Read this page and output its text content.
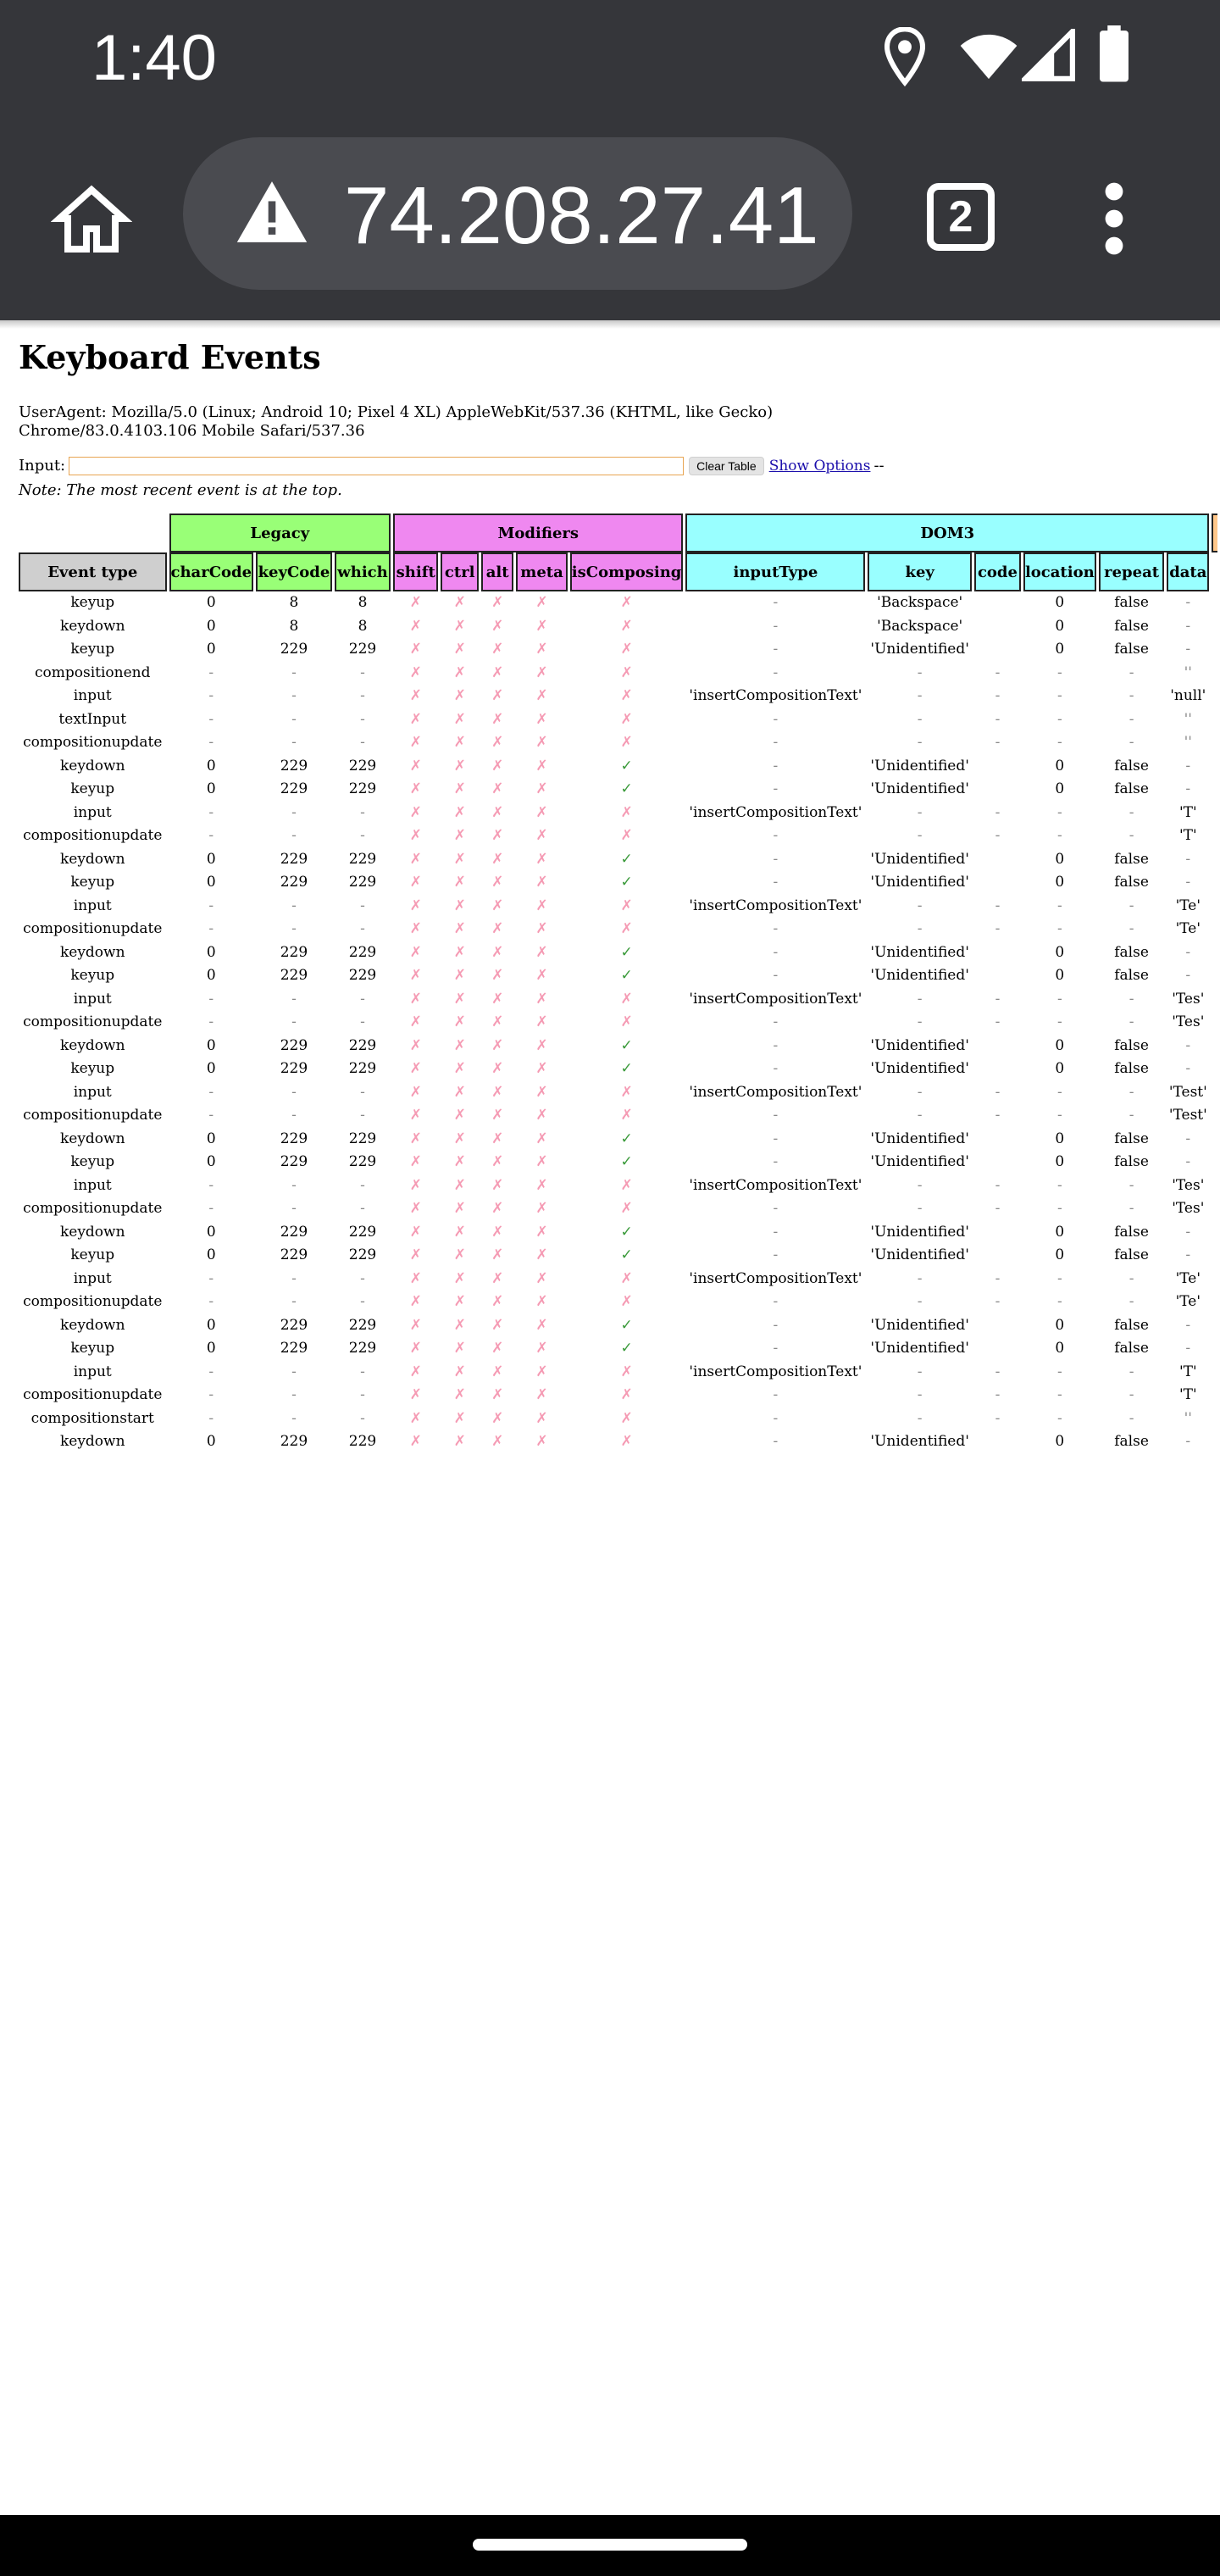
1:40
74.208.27.41	2
Keyboard Events
UserAgent: Mozilla/5.0 (Linux; Android 10; Pixel 4 XL) AppleWebKit/537.36 (KHTML, like Gecko) Chrome/83.0.4103.106 Mobile Safari/537.36
Input:	Clear Table Show Options --
Note: The most recent event is at the top.
	Legacy			Modifiers					DOM3						
Event type	charCode	keyCode	which	shift	ctrl	alt	meta	isComposing	inputType	key	code	location	repeat	data	
keyup	0	8	8	✗	✗	✗	✗	✗	-	'Backspace'		0	false	-	
keydown	0	8	8	✗	✗	✗	✗	✗	-	'Backspace'		0	false	-	
keyup	0	229	229	✗	✗	✗	✗	✗	-	'Unidentified'		0	false	-	
compositionend	-	-	-	✗	✗	✗	✗	✗	-	-	-	-	-	''	
input	-	-	-	✗	✗	✗	✗	✗	'insertCompositionText'	-	-	-	-	'null'	
textInput	-	-	-	✗	✗	✗	✗	✗	-	-	-	-	-	''	
compositionupdate	-	-	-	✗	✗	✗	✗	✗	-	-	-	-	-	''	
keydown	0	229	229	✗	✗	✗	✗	✓	-	'Unidentified'		0	false	-	
keyup	0	229	229	✗	✗	✗	✗	✓	-	'Unidentified'		0	false	-	
input	-	-	-	✗	✗	✗	✗	✗	'insertCompositionText'	-	-	-	-	'T'	
compositionupdate	-	-	-	✗	✗	✗	✗	✗	-	-	-	-	-	'T'	
keydown	0	229	229	✗	✗	✗	✗	✓	-	'Unidentified'		0	false	-	
keyup	0	229	229	✗	✗	✗	✗	✓	-	'Unidentified'		0	false	-	
input	-	-	-	✗	✗	✗	✗	✗	'insertCompositionText'	-	-	-	-	'Te'	
compositionupdate	-	-	-	✗	✗	✗	✗	✗	-	-	-	-	-	'Te'	
keydown	0	229	229	✗	✗	✗	✗	✓	-	'Unidentified'		0	false	-	
keyup	0	229	229	✗	✗	✗	✗	✓	-	'Unidentified'		0	false	-	
input	-	-	-	✗	✗	✗	✗	✗	'insertCompositionText'	-	-	-	-	'Tes'	
compositionupdate	-	-	-	✗	✗	✗	✗	✗	-	-	-	-	-	'Tes'	
keydown	0	229	229	✗	✗	✗	✗	✓	-	'Unidentified'		0	false	-	
keyup	0	229	229	✗	✗	✗	✗	✓	-	'Unidentified'		0	false	-	
input	-	-	-	✗	✗	✗	✗	✗	'insertCompositionText'	-	-	-	-	'Test'	
compositionupdate	-	-	-	✗	✗	✗	✗	✗	-	-	-	-	-	'Test'	
keydown	0	229	229	✗	✗	✗	✗	✓	-	'Unidentified'		0	false	-	
keyup	0	229	229	✗	✗	✗	✗	✓	-	'Unidentified'		0	false	-	
input	-	-	-	✗	✗	✗	✗	✗	'insertCompositionText'	-	-	-	-	'Tes'	
compositionupdate	-	-	-	✗	✗	✗	✗	✗	-	-	-	-	-	'Tes'	
keydown	0	229	229	✗	✗	✗	✗	✓	-	'Unidentified'		0	false	-	
keyup	0	229	229	✗	✗	✗	✗	✓	-	'Unidentified'		0	false	-	
input	-	-	-	✗	✗	✗	✗	✗	'insertCompositionText'	-	-	-	-	'Te'	
compositionupdate	-	-	-	✗	✗	✗	✗	✗	-	-	-	-	-	'Te'	
keydown	0	229	229	✗	✗	✗	✗	✓	-	'Unidentified'		0	false	-	
keyup	0	229	229	✗	✗	✗	✗	✓	-	'Unidentified'		0	false	-	
input	-	-	-	✗	✗	✗	✗	✗	'insertCompositionText'	-	-	-	-	'T'	
compositionupdate	-	-	-	✗	✗	✗	✗	✗	-	-	-	-	-	'T'	
compositionstart	-	-	-	✗	✗	✗	✗	✗	-	-	-	-	-	''	
keydown	0	229	229	✗	✗	✗	✗	✗	-	'Unidentified'		0	false	-	
